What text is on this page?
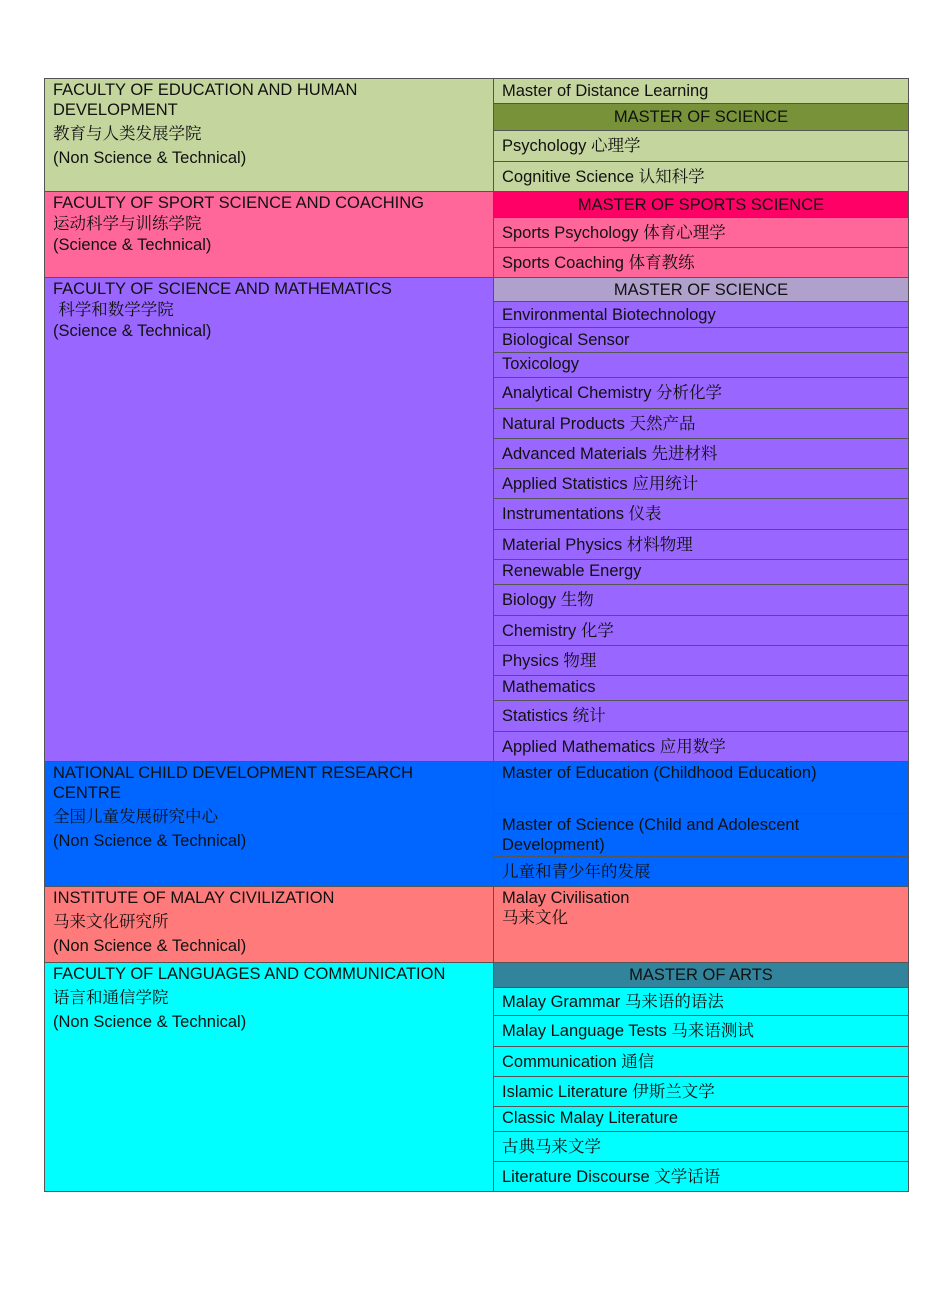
FACULTY OF EDUCATION AND HUMAN DEVELOPMENT
教育与人类发展学院
(Non Science & Technical)	Master of Distance Learning
	MASTER OF SCIENCE
	Psychology 心理学
	Cognitive Science 认知科学

FACULTY OF SPORT SCIENCE AND COACHING
运动科学与训练学院
(Science & Technical)	MASTER OF SPORTS SCIENCE
	Sports Psychology 体育心理学
	Sports Coaching 体育教练

FACULTY OF SCIENCE AND MATHEMATICS
科学和数学学院
(Science & Technical)	MASTER OF SCIENCE
	Environmental Biotechnology
	Biological Sensor
	Toxicology
	Analytical Chemistry 分析化学
	Natural Products 天然产品
	Advanced Materials 先进材料
	Applied Statistics 应用统计
	Instrumentations 仪表
	Material Physics 材料物理
	Renewable Energy
	Biology 生物
	Chemistry 化学
	Physics 物理
	Mathematics
	Statistics 统计
	Applied Mathematics 应用数学

NATIONAL CHILD DEVELOPMENT RESEARCH CENTRE
全国儿童发展研究中心
(Non Science & Technical)	Master of Education (Childhood Education)
	Master of Science (Child and Adolescent Development)
	儿童和青少年的发展

INSTITUTE OF MALAY CIVILIZATION
马来文化研究所
(Non Science & Technical)	Malay Civilisation
马来文化

FACULTY OF LANGUAGES AND COMMUNICATION
语言和通信学院
(Non Science & Technical)	MASTER OF ARTS
	Malay Grammar 马来语的语法
	Malay Language Tests 马来语测试
	Communication 通信
	Islamic Literature 伊斯兰文学
	Classic Malay Literature
	古典马来文学
	Literature Discourse 文学话语
